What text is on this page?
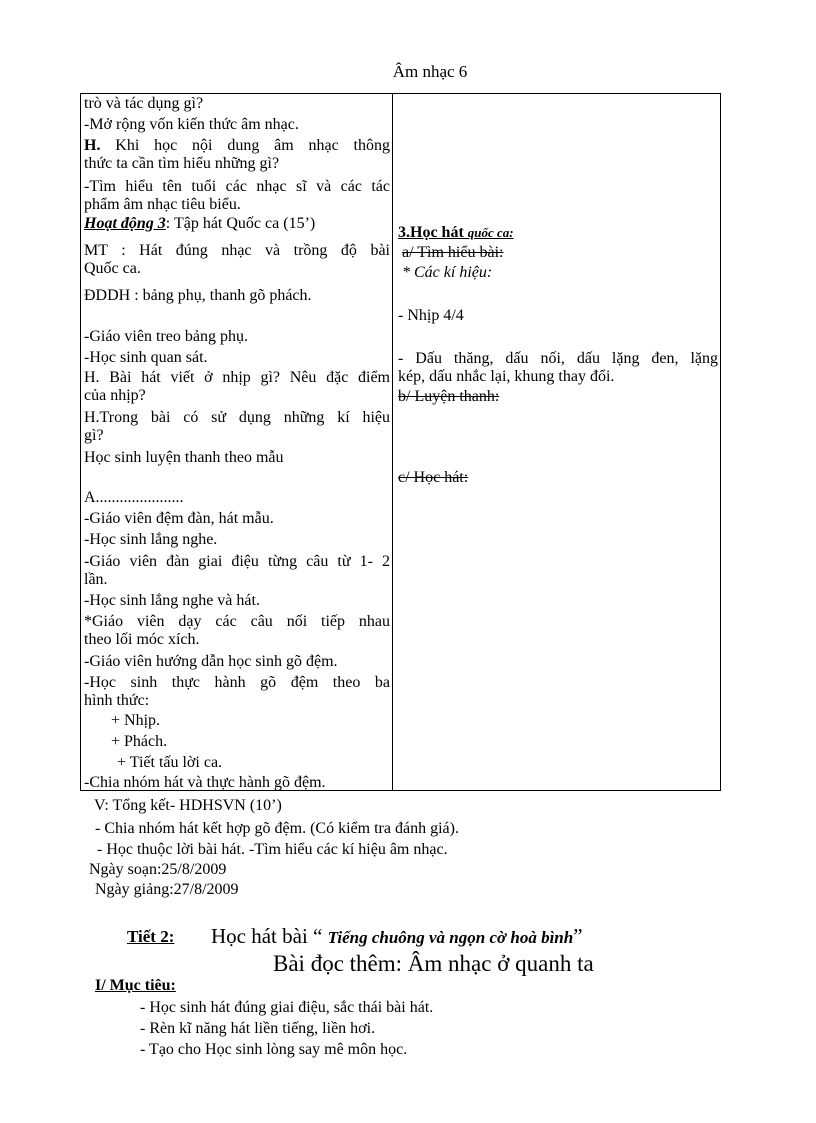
Âm nhạc 6
trò và tác dụng gì?
-Mở rộng vốn kiến thức âm nhạc.
H. Khi học nội dung âm nhạc thông
thức ta cần tìm hiểu những gì?
-Tìm hiểu tên tuổi các nhạc sĩ và các tác
phẩm âm nhạc tiêu biểu.
Hoạt động 3: Tập hát Quốc ca (15’)
MT : Hát đúng nhạc và trồng độ bài
Quốc ca.
ĐDDH : bảng phụ, thanh gõ phách.
-Giáo viên treo bảng phụ.
-Học sinh quan sát.
H. Bài hát viết ở nhịp gì? Nêu đặc điểm
của nhịp?
H.Trong bài có sử dụng những kí hiệu
gì?
Học sinh luyện thanh theo mẫu
A......................
-Giáo viên đệm đàn, hát mẫu.
-Học sinh lắng nghe.
-Giáo viên đàn giai điệu từng câu từ 1- 2
lần.
-Học sinh lắng nghe và hát.
*Giáo viên dạy các câu nối tiếp nhau
theo lối móc xích.
-Giáo viên hướng dẫn học sinh gõ đệm.
-Học sinh thực hành gõ đệm theo ba
hình thức:
+ Nhịp.
+ Phách.
+ Tiết tấu lời ca.
-Chia nhóm hát và thực hành gõ đệm.
3.Học hát quốc ca:
a/ Tìm hiểu bài:
* Các kí hiệu:
- Nhịp 4/4
- Dấu thăng, dấu nối, dấu lặng đen, lặng
kép, dấu nhắc lại, khung thay đổi.
b/ Luyện thanh:
c/ Học hát:
V: Tổng kết- HDHSVN (10’)
- Chia nhóm hát kết hợp gõ đệm. (Có kiểm tra đánh giá).
- Học thuộc lời bài hát. -Tìm hiểu các kí hiệu âm nhạc.
Ngày soạn:25/8/2009
Ngày giảng:27/8/2009
Tiết 2: Học hát bài “ Tiếng chuông và ngọn cờ hoà bình”
Bài đọc thêm: Âm nhạc ở quanh ta
I/ Mục tiêu:
- Học sinh hát đúng giai điệu, sắc thái bài hát.
- Rèn kĩ năng hát liền tiếng, liền hơi.
- Tạo cho Học sinh lòng say mê môn học.
